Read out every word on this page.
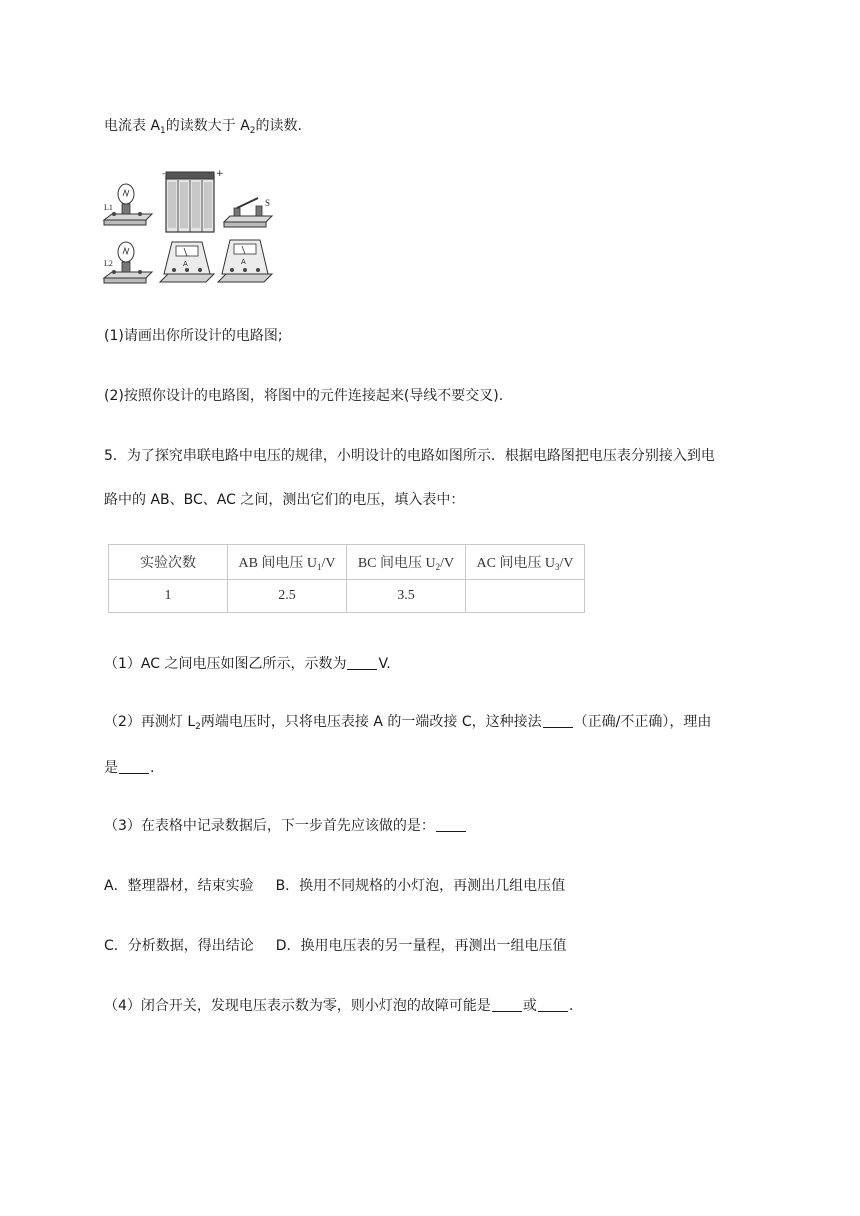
电流表 $A_1$的读数大于 $A_2$的读数.
L1
-	+
S
L2	A	A
(1)请画出你所设计的电路图;
(2)按照你设计的电路图，将图中的元件连接起来(导线不要交叉).
5．为了探究串联电路中电压的规律，小明设计的电路如图所示．根据电路图把电压表分别接入到电
路中的 AB、BC、AC 之间，测出它们的电压，填入表中：
实验次数	AB 间电压 $U_1/V$	BC 间电压 $U_2/V$	AC 间电压 $U_3/V$
1	2.5	3.5	
（1）AC 之间电压如图乙所示，示数为 V.
（2）再测灯 $L_2$两端电压时，只将电压表接 A 的一端改接 C，这种接法 （正确/不正确），理由
是 .
（3）在表格中记录数据后，下一步首先应该做的是：
A．整理器材，结束实验 B．换用不同规格的小灯泡，再测出几组电压值
C．分析数据，得出结论 D．换用电压表的另一量程，再测出一组电压值
（4）闭合开关，发现电压表示数为零，则小灯泡的故障可能是 或 .
